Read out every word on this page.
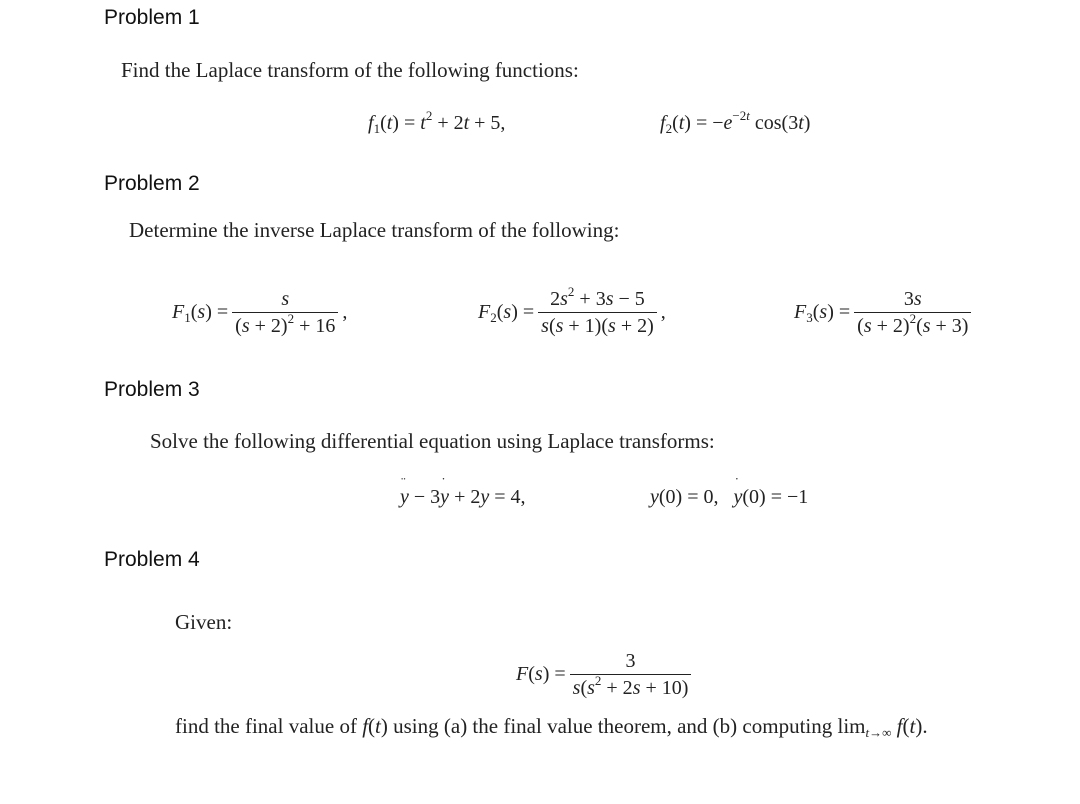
Problem 1
Find the Laplace transform of the following functions:
$f_1(t) = t^2 + 2t + 5$,	$f_2(t) = -e^{-2t}$ cos(3t)
Problem 2
Determine the inverse Laplace transform of the following:
$F_1(s) = \frac{s}{(s + 2)^2 + 16}$ ,	$F_2(s) = \frac{2s^2 + 3s - 5}{s(s + 1)(s + 2)}$ ,	$F_3(s) = \frac{3s}{(s + 2)^2(s + 3)}$
Problem 3
Solve the following differential equation using Laplace transforms:
¨ y − 3˙ y + 2y = 4,	y(0) = 0,   ˙ y(0) = −1
Problem 4
Given:
$F(s) = \frac{3}{s(s^2 + 2s + 10)}$
find the final value of f(t) using (a) the final value theorem, and (b) computing $\lim_{t\to\infty} f(t)$.
